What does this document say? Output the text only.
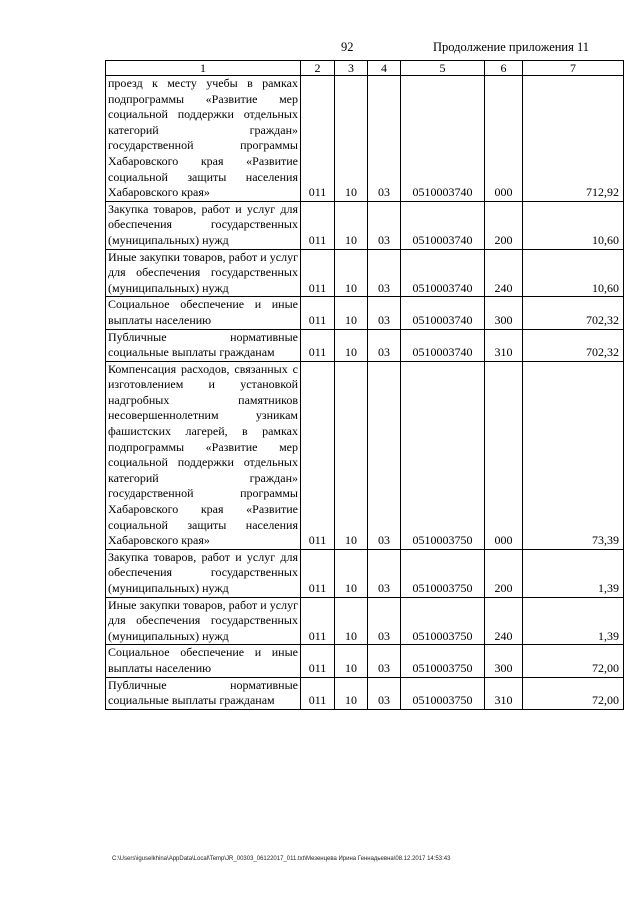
92	Продолжение приложения 11
1	2	3	4	5	6	7
проезд к месту учебы в рамках подпрограммы «Развитие мер социальной поддержки отдельных категорий граждан» государственной программы Хабаровского края «Развитие социальной защиты населения Хабаровского края»	011	10	03	0510003740	000	712,92
Закупка товаров, работ и услуг для обеспечения государственных (муниципальных) нужд	011	10	03	0510003740	200	10,60
Иные закупки товаров, работ и услуг для обеспечения государственных (муниципальных) нужд	011	10	03	0510003740	240	10,60
Социальное обеспечение и иные выплаты населению	011	10	03	0510003740	300	702,32
Публичные нормативные социальные выплаты гражданам	011	10	03	0510003740	310	702,32
Компенсация расходов, связанных с изготовлением и установкой надгробных памятников несовершеннолетним узникам фашистских лагерей, в рамках подпрограммы «Развитие мер социальной поддержки отдельных категорий граждан» государственной программы Хабаровского края «Развитие социальной защиты населения Хабаровского края»	011	10	03	0510003750	000	73,39
Закупка товаров, работ и услуг для обеспечения государственных (муниципальных) нужд	011	10	03	0510003750	200	1,39
Иные закупки товаров, работ и услуг для обеспечения государственных (муниципальных) нужд	011	10	03	0510003750	240	1,39
Социальное обеспечение и иные выплаты населению	011	10	03	0510003750	300	72,00
Публичные нормативные социальные выплаты гражданам	011	10	03	0510003750	310	72,00
C:\Users\iguselkhina\AppData\Local\Temp\JR_00303_06122017_011.txt\Мезенцева Ирина Геннадьевна\08.12.2017 14:53:43
